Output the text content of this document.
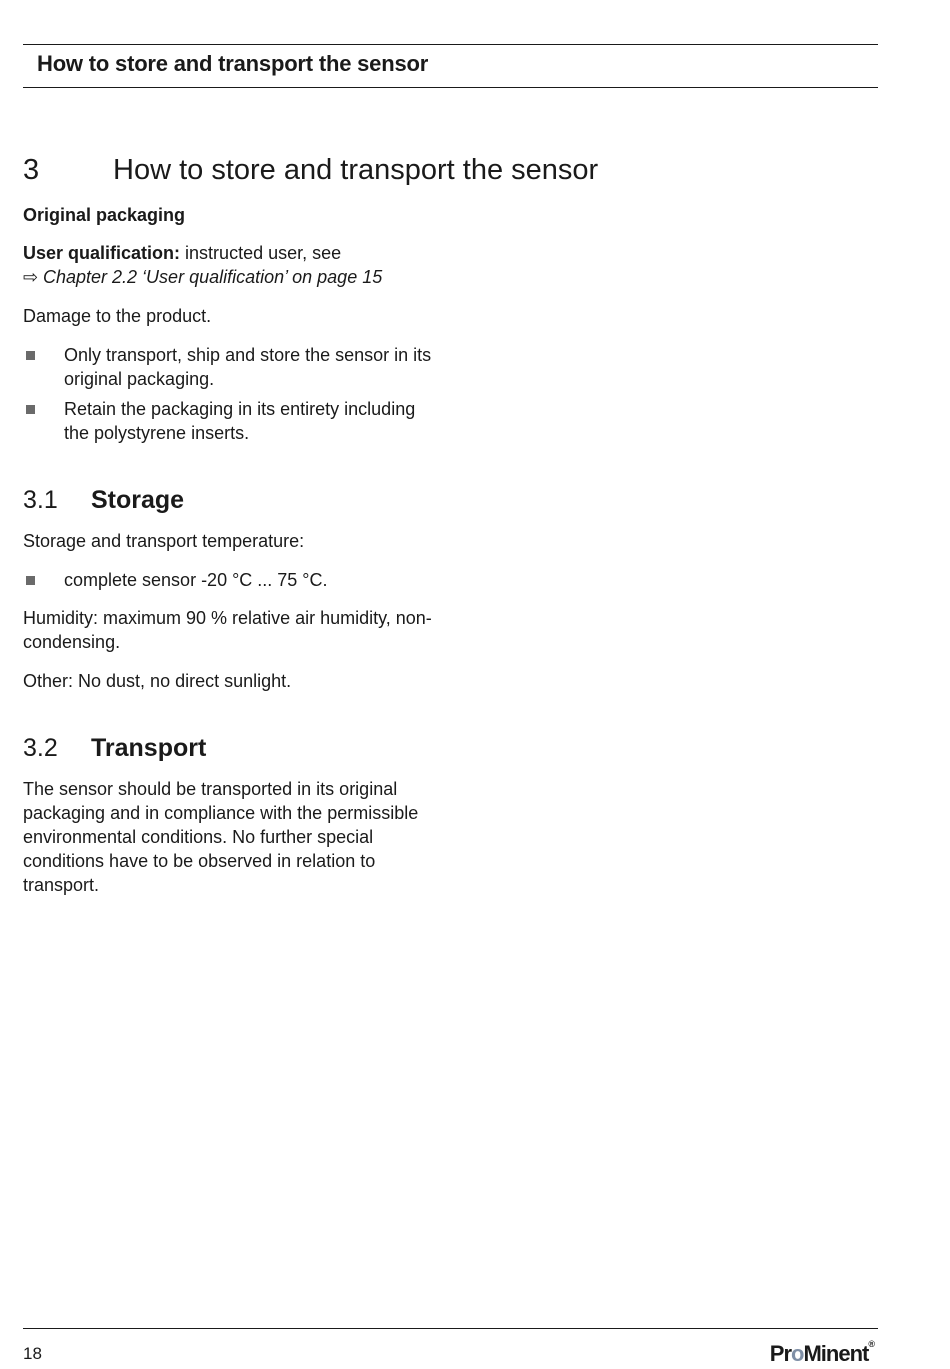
How to store and transport the sensor
3	How to store and transport the sensor
Original packaging
User qualification: instructed user, see
⇨ Chapter 2.2 ‘User qualification’ on page 15
Damage to the product.
Only transport, ship and store the sensor in its original packaging.
Retain the packaging in its entirety including the polystyrene inserts.
3.1 Storage
Storage and transport temperature:
complete sensor -20 °C ... 75 °C.
Humidity: maximum 90 % relative air humidity, non-condensing.
Other: No dust, no direct sunlight.
3.2 Transport
The sensor should be transported in its original packaging and in compliance with the permissible environmental conditions. No further special conditions have to be observed in relation to transport.
18	ProMinent®
